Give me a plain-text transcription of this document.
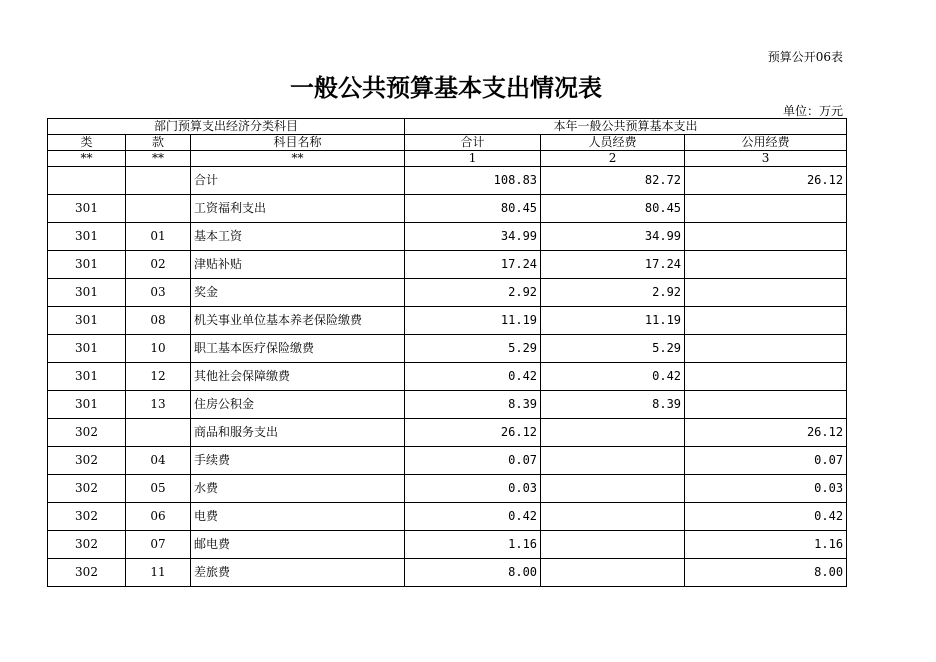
预算公开06表
一般公共预算基本支出情况表
单位：万元
部门预算支出经济分类科目			本年一般公共预算基本支出		
类	款	科目名称	合计	人员经费	公用经费
**	**	**	1	2	3
		合计	108.83	82.72	26.12
301		工资福利支出	80.45	80.45	
301	01	基本工资	34.99	34.99	
301	02	津贴补贴	17.24	17.24	
301	03	奖金	2.92	2.92	
301	08	机关事业单位基本养老保险缴费	11.19	11.19	
301	10	职工基本医疗保险缴费	5.29	5.29	
301	12	其他社会保障缴费	0.42	0.42	
301	13	住房公积金	8.39	8.39	
302		商品和服务支出	26.12		26.12
302	04	手续费	0.07		0.07
302	05	水费	0.03		0.03
302	06	电费	0.42		0.42
302	07	邮电费	1.16		1.16
302	11	差旅费	8.00		8.00
